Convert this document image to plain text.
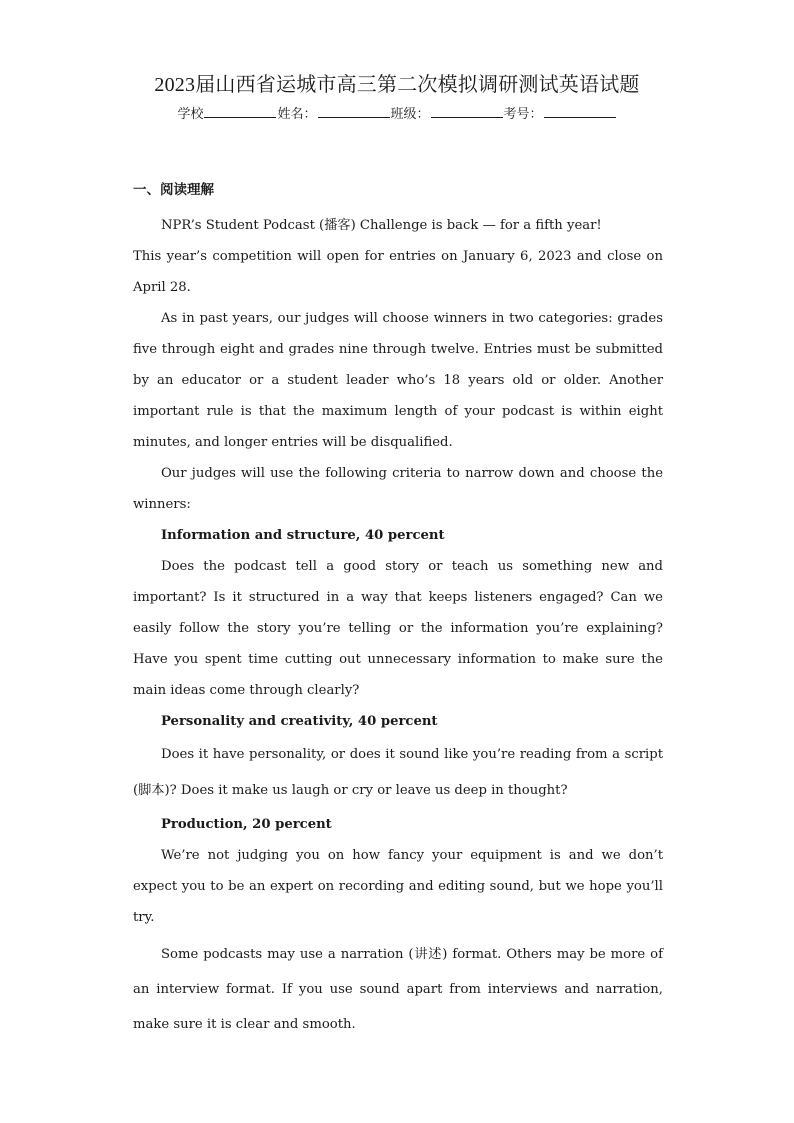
2023届山西省运城市高三第二次模拟调研测试英语试题
学校	姓名：	班级：	考号：
一、阅读理解

NPR’s Student Podcast (播客) Challenge is back — for a fifth year!

This year’s competition will open for entries on January 6, 2023 and close on April 28.

As in past years, our judges will choose winners in two categories: grades five through eight and grades nine through twelve. Entries must be submitted by an educator or a student leader who’s 18 years old or older. Another important rule is that the maximum length of your podcast is within eight minutes, and longer entries will be disqualified.

Our judges will use the following criteria to narrow down and choose the winners:

Information and structure, 40 percent

Does the podcast tell a good story or teach us something new and important? Is it structured in a way that keeps listeners engaged? Can we easily follow the story you’re telling or the information you’re explaining? Have you spent time cutting out unnecessary information to make sure the main ideas come through clearly?

Personality and creativity, 40 percent

Does it have personality, or does it sound like you’re reading from a script (脚本)? Does it make us laugh or cry or leave us deep in thought?

Production, 20 percent

We’re not judging you on how fancy your equipment is and we don’t expect you to be an expert on recording and editing sound, but we hope you’ll try.

Some podcasts may use a narration (讲述) format. Others may be more of an interview format. If you use sound apart from interviews and narration, make sure it is clear and smooth.
